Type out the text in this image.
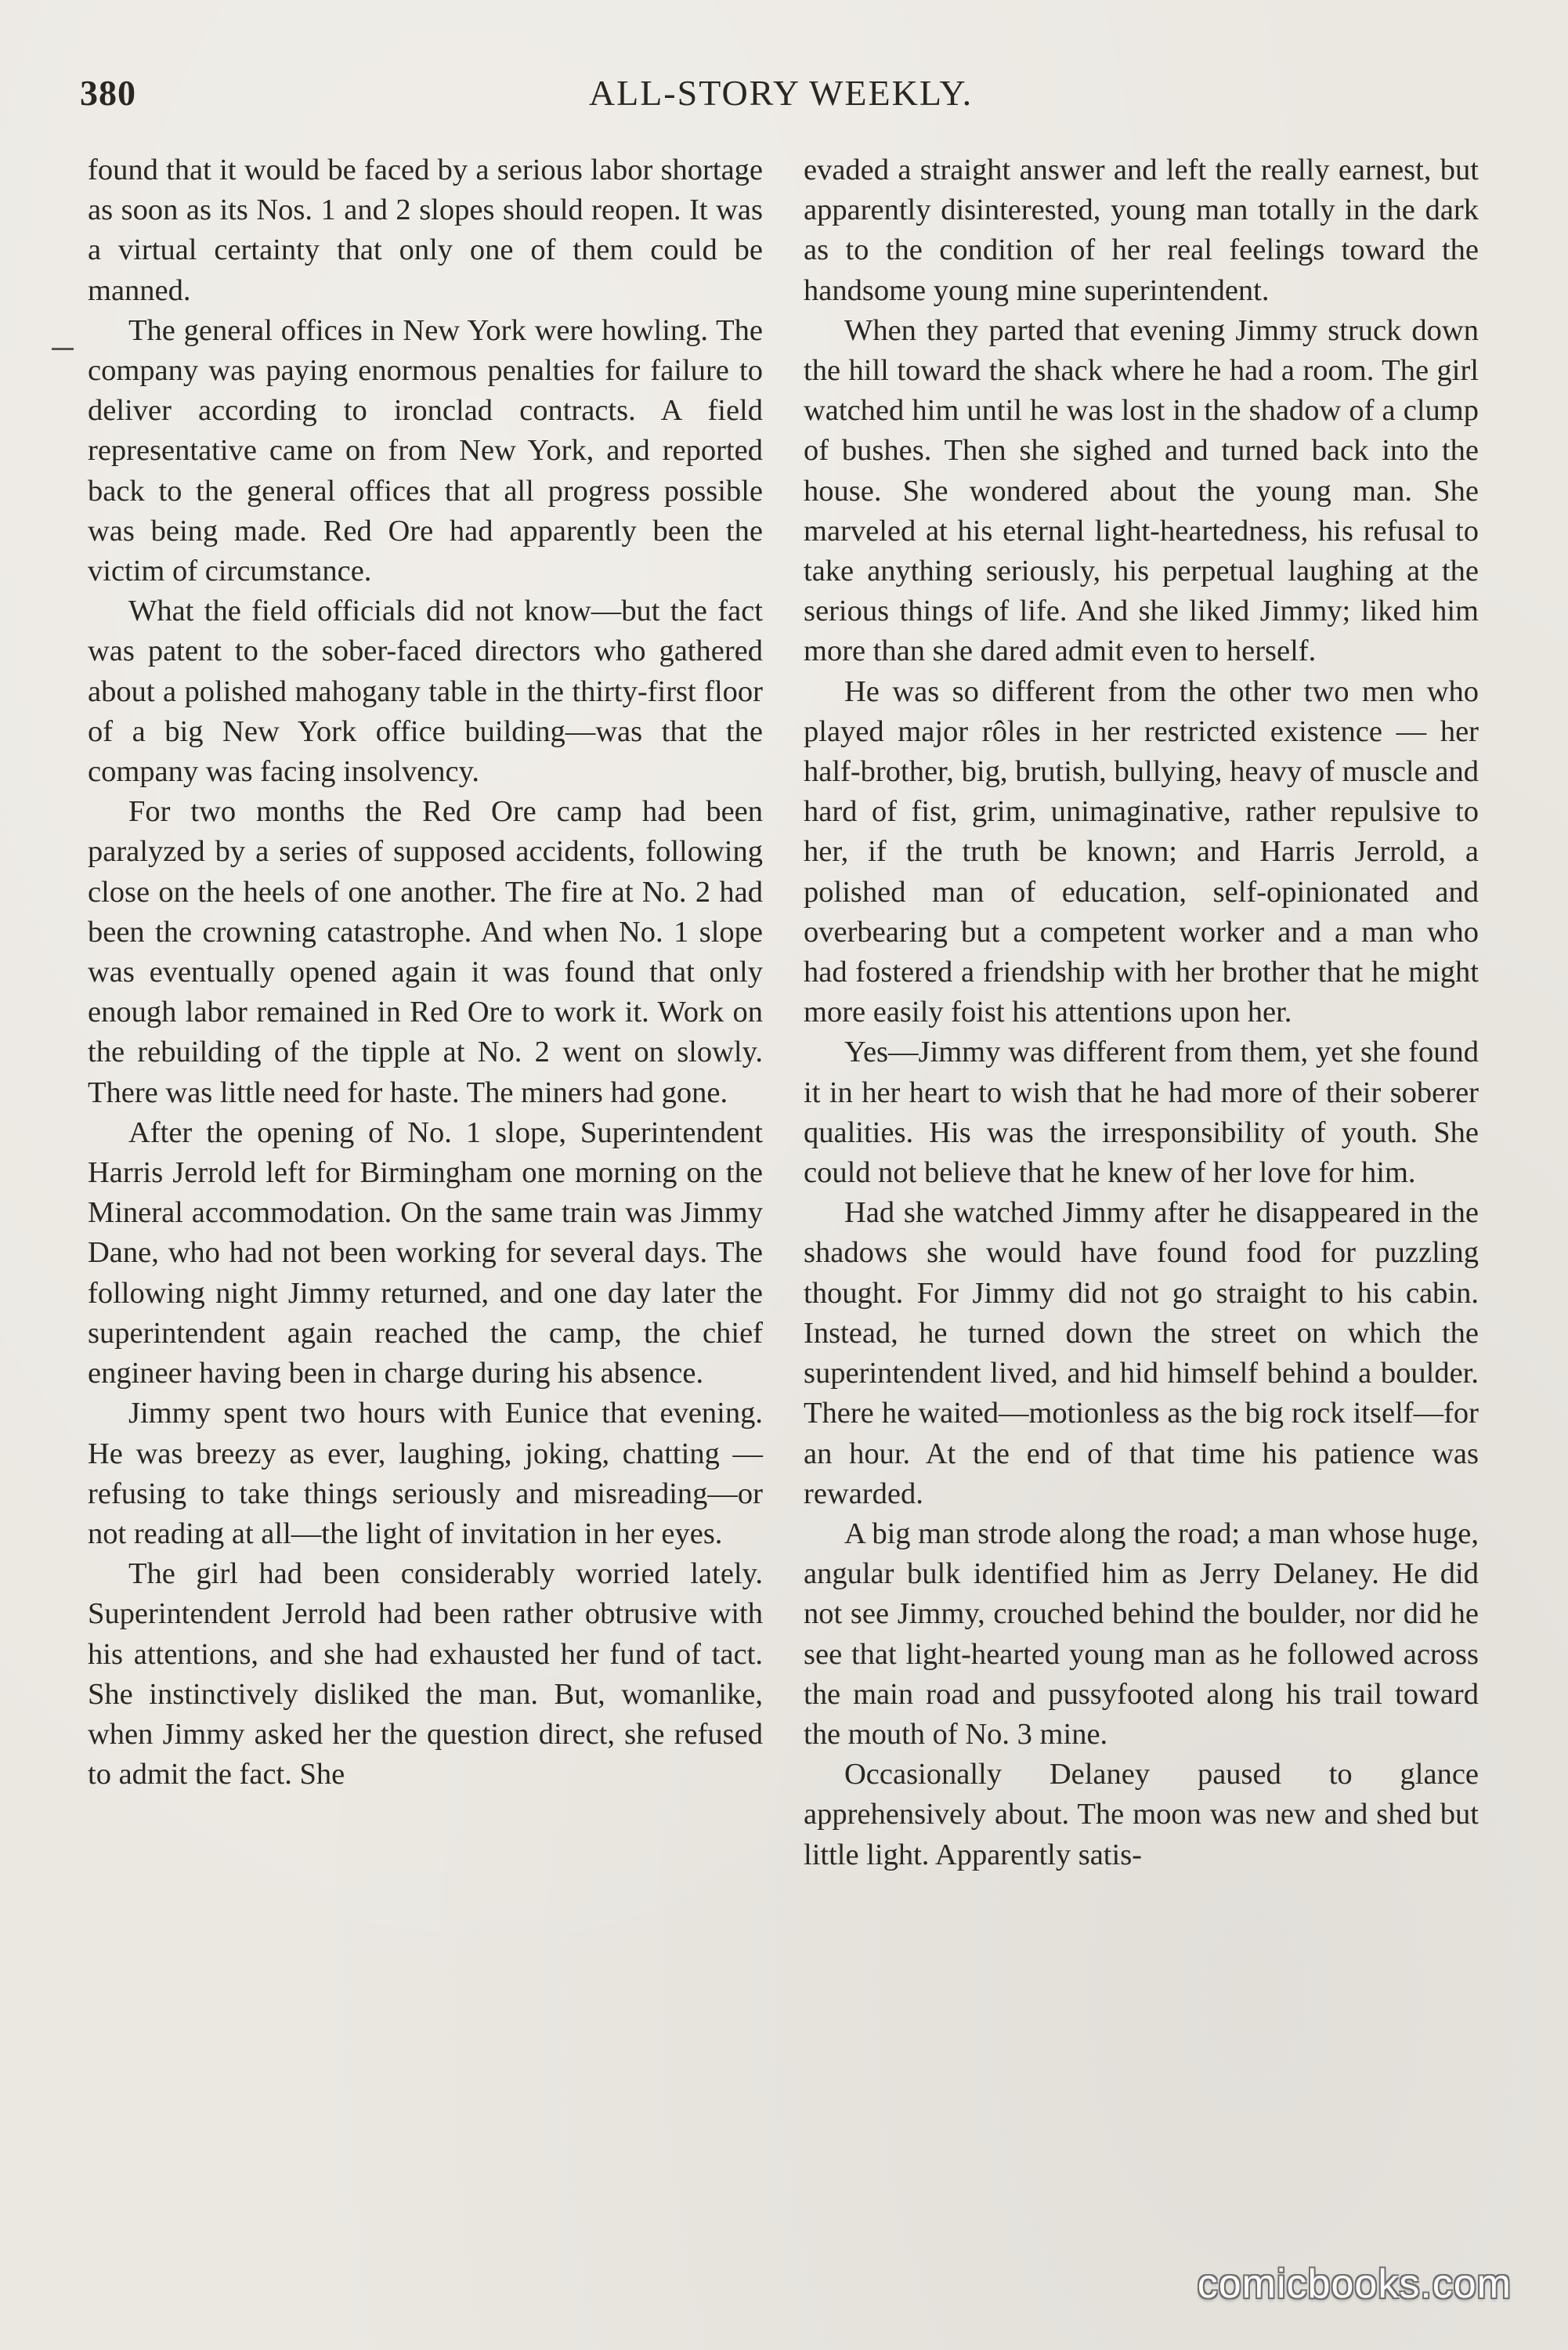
380	ALL-STORY WEEKLY.

found that it would be faced by a serious labor shortage as soon as its Nos. 1 and 2 slopes should reopen. It was a virtual certainty that only one of them could be manned.

The general offices in New York were howling. The company was paying enormous penalties for failure to deliver according to ironclad contracts. A field representative came on from New York, and reported back to the general offices that all progress possible was being made. Red Ore had apparently been the victim of circumstance.

What the field officials did not know—but the fact was patent to the sober-faced directors who gathered about a polished mahogany table in the thirty-first floor of a big New York office building—was that the company was facing insolvency.

For two months the Red Ore camp had been paralyzed by a series of supposed accidents, following close on the heels of one another. The fire at No. 2 had been the crowning catastrophe. And when No. 1 slope was eventually opened again it was found that only enough labor remained in Red Ore to work it. Work on the rebuilding of the tipple at No. 2 went on slowly. There was little need for haste. The miners had gone.

After the opening of No. 1 slope, Superintendent Harris Jerrold left for Birmingham one morning on the Mineral accommodation. On the same train was Jimmy Dane, who had not been working for several days. The following night Jimmy returned, and one day later the superintendent again reached the camp, the chief engineer having been in charge during his absence.

Jimmy spent two hours with Eunice that evening. He was breezy as ever, laughing, joking, chatting — refusing to take things seriously and misreading—or not reading at all—the light of invitation in her eyes.

The girl had been considerably worried lately. Superintendent Jerrold had been rather obtrusive with his attentions, and she had exhausted her fund of tact. She instinctively disliked the man. But, womanlike, when Jimmy asked her the question direct, she refused to admit the fact. She

evaded a straight answer and left the really earnest, but apparently disinterested, young man totally in the dark as to the condition of her real feelings toward the handsome young mine superintendent.

When they parted that evening Jimmy struck down the hill toward the shack where he had a room. The girl watched him until he was lost in the shadow of a clump of bushes. Then she sighed and turned back into the house. She wondered about the young man. She marveled at his eternal light-heartedness, his refusal to take anything seriously, his perpetual laughing at the serious things of life. And she liked Jimmy; liked him more than she dared admit even to herself.

He was so different from the other two men who played major rôles in her restricted existence — her half-brother, big, brutish, bullying, heavy of muscle and hard of fist, grim, unimaginative, rather repulsive to her, if the truth be known; and Harris Jerrold, a polished man of education, self-opinionated and overbearing but a competent worker and a man who had fostered a friendship with her brother that he might more easily foist his attentions upon her.

Yes—Jimmy was different from them, yet she found it in her heart to wish that he had more of their soberer qualities. His was the irresponsibility of youth. She could not believe that he knew of her love for him.

Had she watched Jimmy after he disappeared in the shadows she would have found food for puzzling thought. For Jimmy did not go straight to his cabin. Instead, he turned down the street on which the superintendent lived, and hid himself behind a boulder. There he waited—motionless as the big rock itself—for an hour. At the end of that time his patience was rewarded.

A big man strode along the road; a man whose huge, angular bulk identified him as Jerry Delaney. He did not see Jimmy, crouched behind the boulder, nor did he see that light-hearted young man as he followed across the main road and pussyfooted along his trail toward the mouth of No. 3 mine.

Occasionally Delaney paused to glance apprehensively about. The moon was new and shed but little light. Apparently satis-

comicbooks.com
